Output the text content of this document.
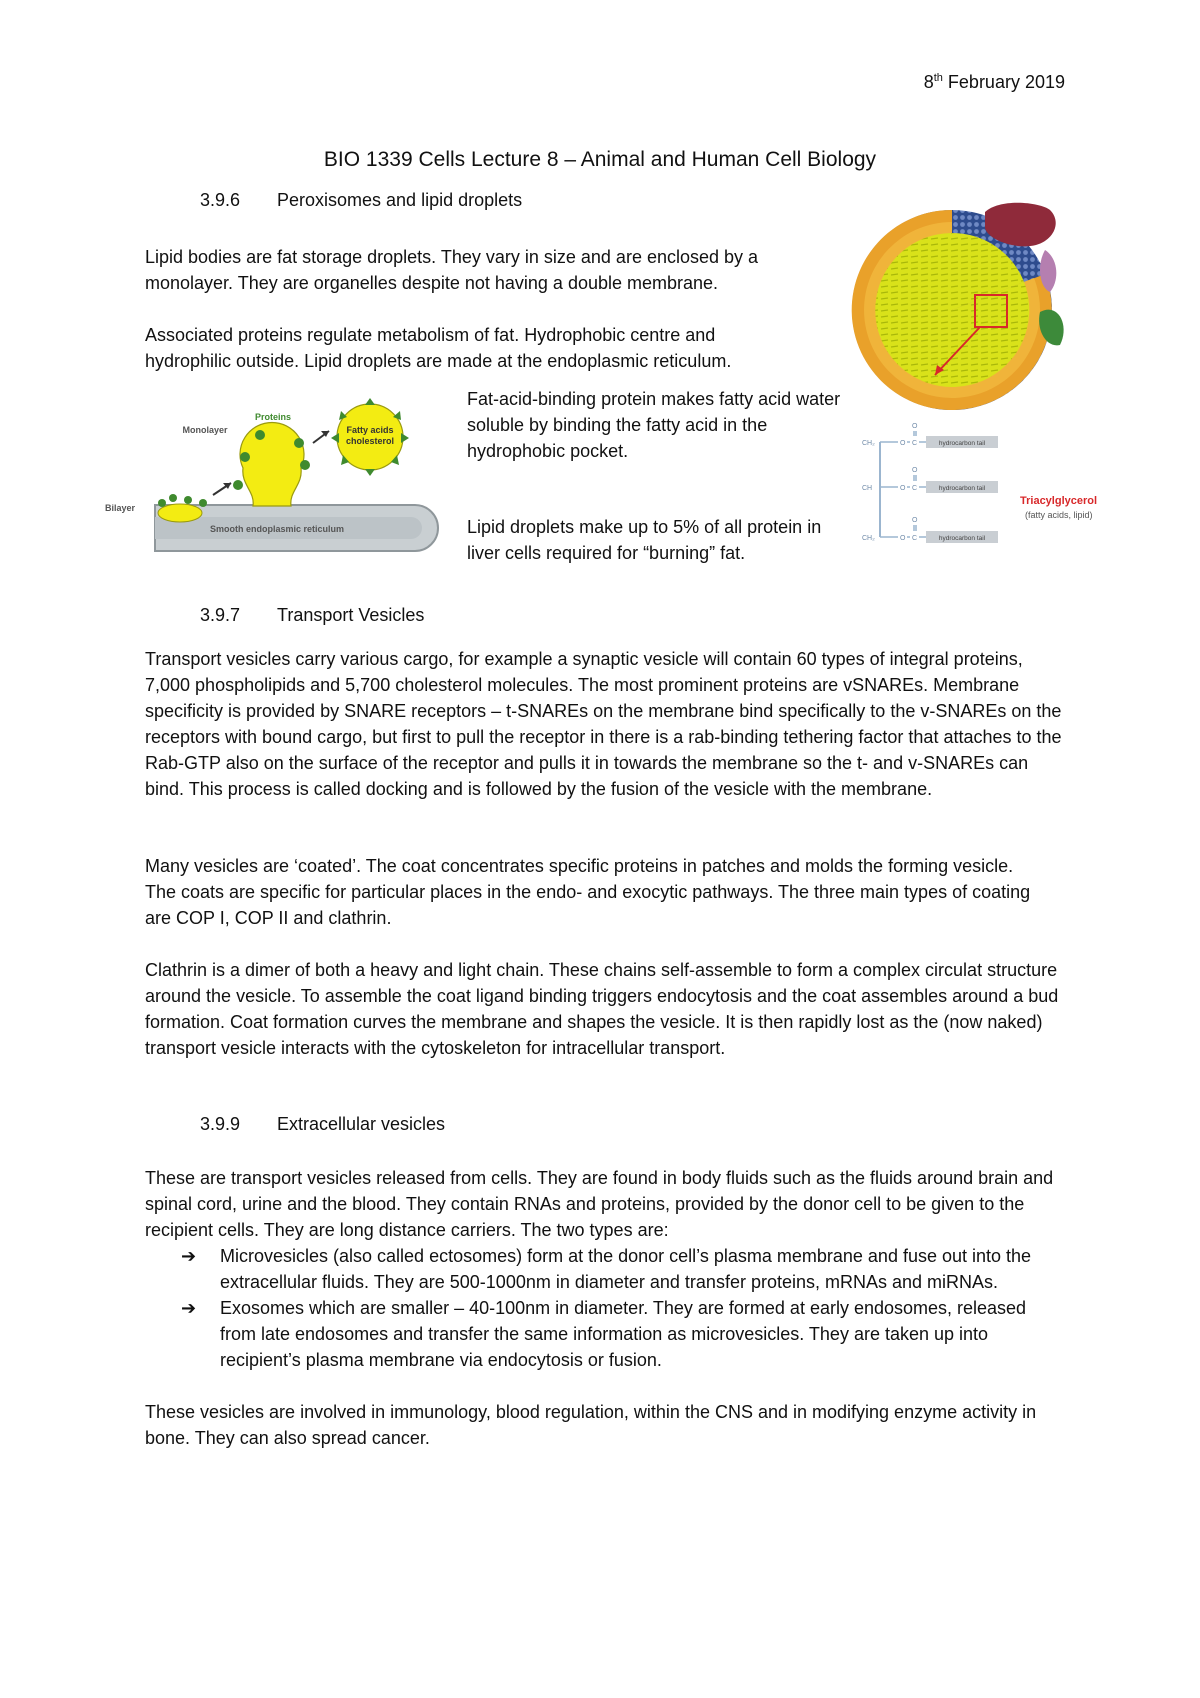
8th February 2019
BIO 1339 Cells Lecture 8 – Animal and Human Cell Biology
3.9.6 Peroxisomes and lipid droplets

Lipid bodies are fat storage droplets. They vary in size and are enclosed by a monolayer. They are organelles despite not having a double membrane.

Associated proteins regulate metabolism of fat. Hydrophobic centre and hydrophilic outside. Lipid droplets are made at the endoplasmic reticulum.

Fat-acid-binding protein makes fatty acid water soluble by binding the fatty acid in the hydrophobic pocket.

Lipid droplets make up to 5% of all protein in liver cells required for “burning” fat.

Fatty acids
cholesterol
Proteins
Monolayer
Bilayer
Smooth endoplasmic reticulum
CH₂
CH
CH₂
O
O
O
C
C
C
O
O
O
hydrocarbon tail
hydrocarbon tail
hydrocarbon tail
Triacylglycerol
(fatty acids, lipid)
3.9.7 Transport Vesicles

Transport vesicles carry various cargo, for example a synaptic vesicle will contain 60 types of integral proteins, 7,000 phospholipids and 5,700 cholesterol molecules. The most prominent proteins are vSNAREs. Membrane specificity is provided by SNARE receptors – t-SNAREs on the membrane bind specifically to the v-SNAREs on the receptors with bound cargo, but first to pull the receptor in there is a rab-binding tethering factor that attaches to the Rab-GTP also on the surface of the receptor and pulls it in towards the membrane so the t- and v-SNAREs can bind. This process is called docking and is followed by the fusion of the vesicle with the membrane.

Many vesicles are ‘coated’. The coat concentrates specific proteins in patches and molds the forming vesicle. The coats are specific for particular places in the endo- and exocytic pathways. The three main types of coating are COP I, COP II and clathrin.

Clathrin is a dimer of both a heavy and light chain. These chains self-assemble to form a complex circulat structure around the vesicle. To assemble the coat ligand binding triggers endocytosis and the coat assembles around a bud formation. Coat formation curves the membrane and shapes the vesicle. It is then rapidly lost as the (now naked) transport vesicle interacts with the cytoskeleton for intracellular transport.

3.9.9 Extracellular vesicles

These are transport vesicles released from cells. They are found in body fluids such as the fluids around brain and spinal cord, urine and the blood. They contain RNAs and proteins, provided by the donor cell to be given to the recipient cells. They are long distance carriers. The two types are:

➔ Microvesicles (also called ectosomes) form at the donor cell’s plasma membrane and fuse out into the extracellular fluids. They are 500-1000nm in diameter and transfer proteins, mRNAs and miRNAs.
➔ Exosomes which are smaller – 40-100nm in diameter. They are formed at early endosomes, released from late endosomes and transfer the same information as microvesicles. They are taken up into recipient’s plasma membrane via endocytosis or fusion.

These vesicles are involved in immunology, blood regulation, within the CNS and in modifying enzyme activity in bone. They can also spread cancer.
